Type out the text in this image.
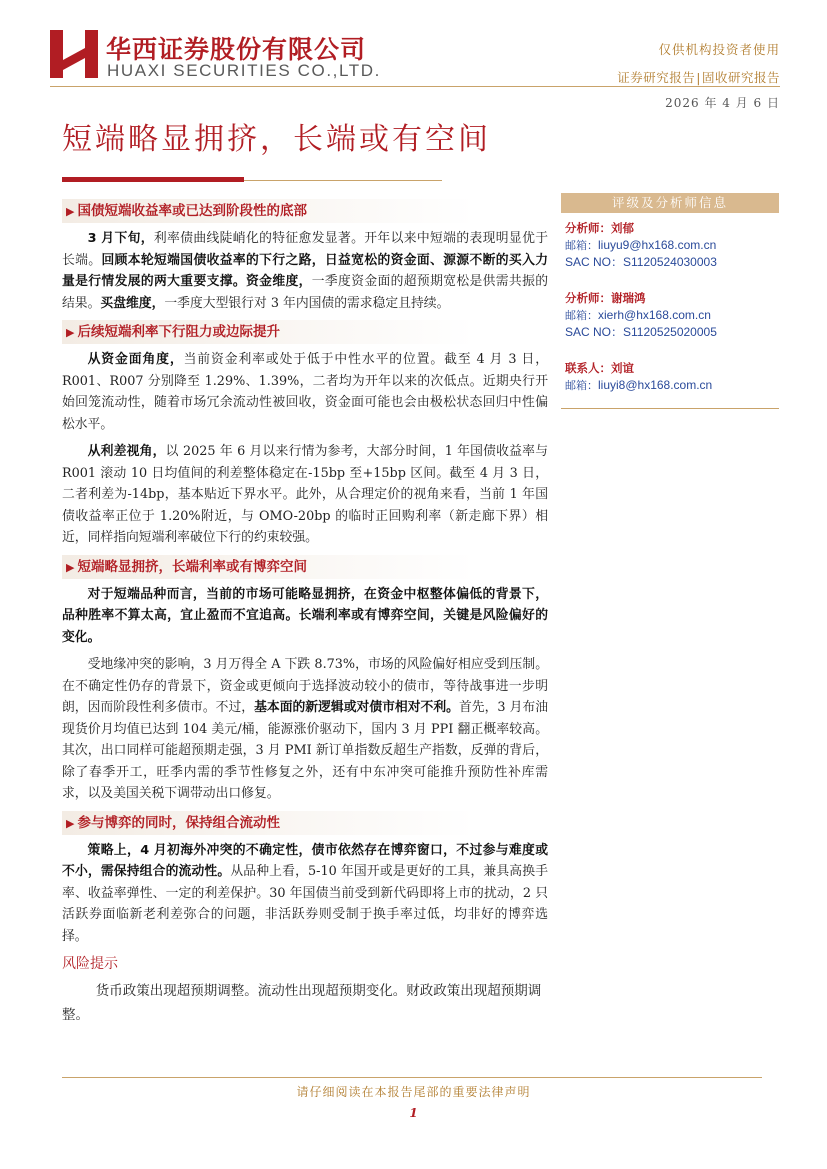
华西证券股份有限公司
HUAXI SECURITIES CO.,LTD.
仅供机构投资者使用
证券研究报告|固收研究报告
2026 年 4 月 6 日
短端略显拥挤，长端或有空间
▶ 国债短端收益率或已达到阶段性的底部

3 月下旬，利率债曲线陡峭化的特征愈发显著。开年以来中短端的表现明显优于长端。回顾本轮短端国债收益率的下行之路，日益宽松的资金面、源源不断的买入力量是行情发展的两大重要支撑。资金维度，一季度资金面的超预期宽松是供需共振的结果。买盘维度，一季度大型银行对 3 年内国债的需求稳定且持续。

▶ 后续短端利率下行阻力或边际提升

从资金面角度，当前资金利率或处于低于中性水平的位置。截至 4 月 3 日，R001、R007 分别降至 1.29%、1.39%，二者均为开年以来的次低点。近期央行开始回笼流动性，随着市场冗余流动性被回收，资金面可能也会由极松状态回归中性偏松水平。

从利差视角，以 2025 年 6 月以来行情为参考，大部分时间，1 年国债收益率与 R001 滚动 10 日均值间的利差整体稳定在-15bp 至+15bp 区间。截至 4 月 3 日，二者利差为-14bp，基本贴近下界水平。此外，从合理定价的视角来看，当前 1 年国债收益率正位于 1.20%附近，与 OMO-20bp 的临时正回购利率（新走廊下界）相近，同样指向短端利率破位下行的约束较强。

▶ 短端略显拥挤，长端利率或有博弈空间

对于短端品种而言，当前的市场可能略显拥挤，在资金中枢整体偏低的背景下，品种胜率不算太高，宜止盈而不宜追高。长端利率或有博弈空间，关键是风险偏好的变化。

受地缘冲突的影响，3 月万得全 A 下跌 8.73%，市场的风险偏好相应受到压制。在不确定性仍存的背景下，资金或更倾向于选择波动较小的债市，等待战事进一步明朗，因而阶段性利多债市。不过，基本面的新逻辑或对债市相对不利。首先，3 月布油现货价月均值已达到 104 美元/桶，能源涨价驱动下，国内 3 月 PPI 翻正概率较高。其次，出口同样可能超预期走强，3 月 PMI 新订单指数反超生产指数，反弹的背后，除了春季开工，旺季内需的季节性修复之外，还有中东冲突可能推升预防性补库需求，以及美国关税下调带动出口修复。

▶ 参与博弈的同时，保持组合流动性

策略上，4 月初海外冲突的不确定性，债市依然存在博弈窗口，不过参与难度或不小，需保持组合的流动性。从品种上看，5-10 年国开或是更好的工具，兼具高换手率、收益率弹性、一定的利差保护。30 年国债当前受到新代码即将上市的扰动，2 只活跃券面临新老利差弥合的问题，非活跃券则受制于换手率过低，均非好的博弈选择。

风险提示

货币政策出现超预期调整。流动性出现超预期变化。财政政策出现超预期调整。

评级及分析师信息
分析师：刘郁
邮箱：liuyu9@hx168.com.cn
SAC NO：S1120524030003
分析师：谢瑞鸿
邮箱：xierh@hx168.com.cn
SAC NO：S1120525020005
联系人：刘谊
邮箱：liuyi8@hx168.com.cn
请仔细阅读在本报告尾部的重要法律声明
1
